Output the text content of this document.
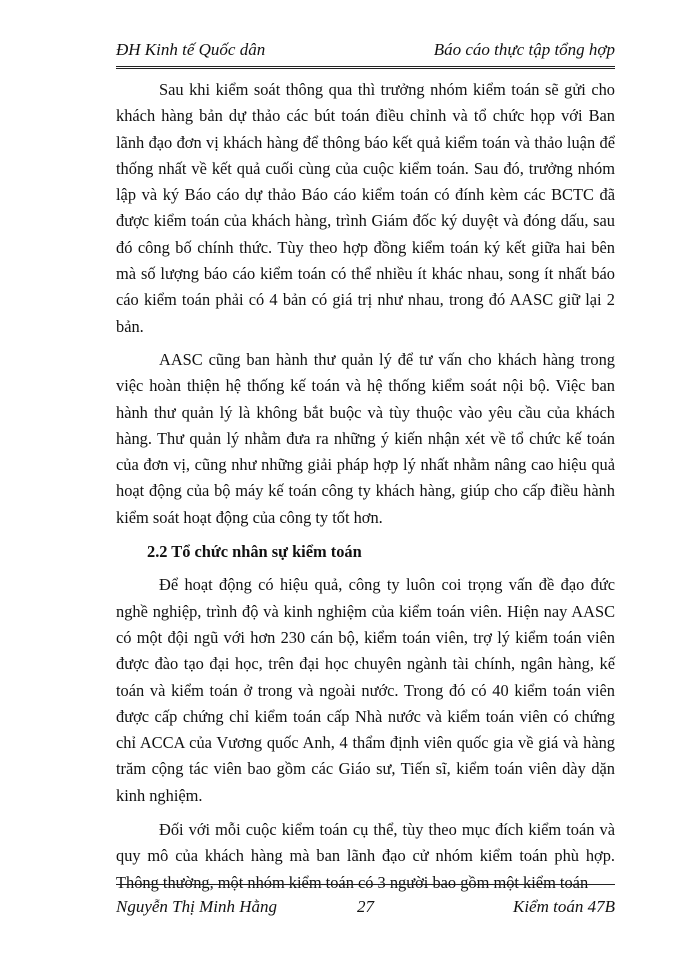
ĐH Kinh tế Quốc dân	Báo cáo thực tập tổng hợp

Sau khi kiểm soát thông qua thì trưởng nhóm kiểm toán sẽ gửi cho khách hàng bản dự thảo các bút toán điều chỉnh và tổ chức họp với Ban lãnh đạo đơn vị khách hàng để thông báo kết quả kiểm toán và thảo luận để thống nhất về kết quả cuối cùng của cuộc kiểm toán. Sau đó, trưởng nhóm lập và ký Báo cáo dự thảo Báo cáo kiểm toán có đính kèm các BCTC đã được kiểm toán của khách hàng, trình Giám đốc ký duyệt và đóng dấu, sau đó công bố chính thức. Tùy theo hợp đồng kiểm toán ký kết giữa hai bên mà số lượng báo cáo kiểm toán có thể nhiều ít khác nhau, song ít nhất báo cáo kiểm toán phải có 4 bản có giá trị như nhau, trong đó AASC giữ lại 2 bản.

AASC cũng ban hành thư quản lý để tư vấn cho khách hàng trong việc hoàn thiện hệ thống kế toán và hệ thống kiểm soát nội bộ. Việc ban hành thư quản lý là không bắt buộc và tùy thuộc vào yêu cầu của khách hàng. Thư quản lý nhằm đưa ra những ý kiến nhận xét về tổ chức kế toán của đơn vị, cũng như những giải pháp hợp lý nhất nhằm nâng cao hiệu quả hoạt động của bộ máy kế toán công ty khách hàng, giúp cho cấp điều hành kiểm soát hoạt động của công ty tốt hơn.

2.2 Tổ chức nhân sự kiểm toán

Để hoạt động có hiệu quả, công ty luôn coi trọng vấn đề đạo đức nghề nghiệp, trình độ và kinh nghiệm của kiểm toán viên. Hiện nay AASC có một đội ngũ với hơn 230 cán bộ, kiểm toán viên, trợ lý kiểm toán viên được đào tạo đại học, trên đại học chuyên ngành tài chính, ngân hàng, kế toán và kiểm toán ở trong và ngoài nước. Trong đó có 40 kiểm toán viên được cấp chứng chỉ kiểm toán cấp Nhà nước và kiểm toán viên có chứng chỉ ACCA của Vương quốc Anh, 4 thẩm định viên quốc gia về giá và hàng trăm cộng tác viên bao gồm các Giáo sư, Tiến sĩ, kiểm toán viên dày dặn kinh nghiệm.

Đối với mỗi cuộc kiểm toán cụ thể, tùy theo mục đích kiểm toán và quy mô của khách hàng mà ban lãnh đạo cử nhóm kiểm toán phù hợp. Thông thường, một nhóm kiểm toán có 3 người bao gồm một kiểm toán

Nguyễn Thị Minh Hằng	27	Kiểm toán 47B
